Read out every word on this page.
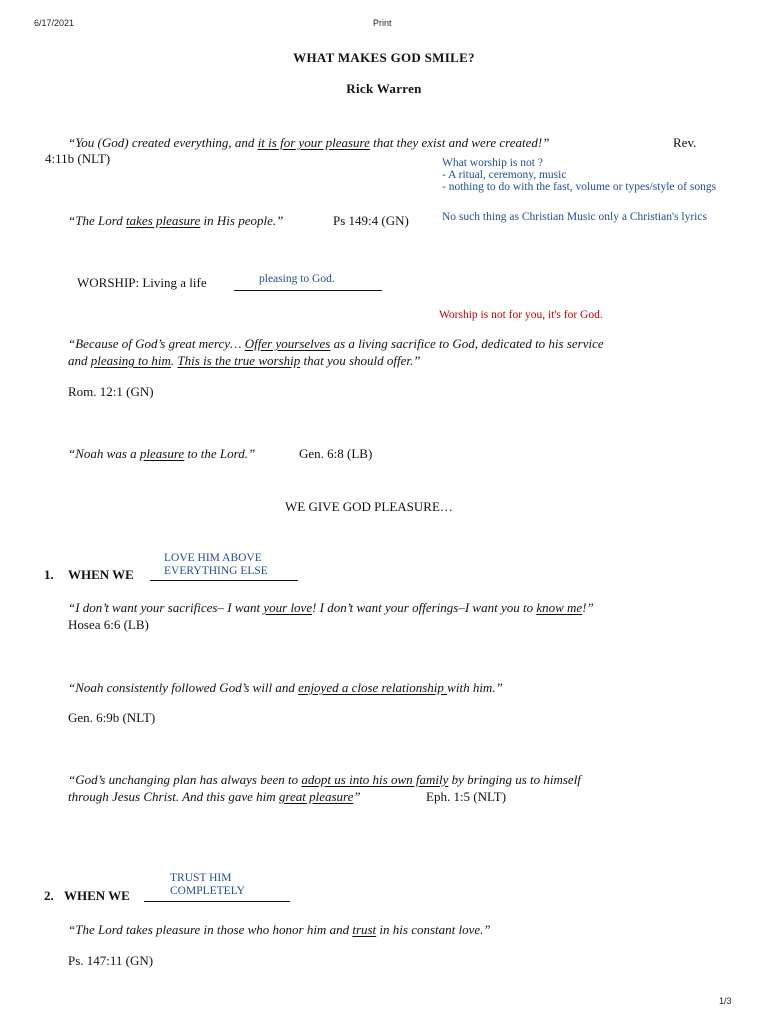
6/17/2021	Print
1/3
WHAT MAKES GOD SMILE?
Rick Warren
“You (God) created everything, and it is for your pleasure that they exist and were created!”	Rev.
4:11b (NLT)	What worship is not ?
- A ritual, ceremony, music
- nothing to do with the fast, volume or types/style of songs
“The Lord takes pleasure in His people.”	Ps 149:4 (GN)	No such thing as Christian Music only a Christian's lyrics
WORSHIP: Living a life	pleasing to God.
Worship is not for you, it's for God.
“Because of God’s great mercy… Offer yourselves as a living sacrifice to God, dedicated to his service
and pleasing to him. This is the true worship that you should offer.”
Rom. 12:1 (GN)
“Noah was a pleasure to the Lord.”	Gen. 6:8 (LB)
WE GIVE GOD PLEASURE…
1. WHEN WE
LOVE HIM ABOVE
EVERYTHING ELSE
“I don’t want your sacrifices– I want your love! I don’t want your offerings–I want you to know me!”
Hosea 6:6 (LB)
“Noah consistently followed God’s will and enjoyed a close relationship with him.”
Gen. 6:9b (NLT)
“God’s unchanging plan has always been to adopt us into his own family by bringing us to himself
through Jesus Christ. And this gave him great pleasure”	Eph. 1:5 (NLT)
2. WHEN WE
TRUST HIM
COMPLETELY
“The Lord takes pleasure in those who honor him and trust in his constant love.”
Ps. 147:11 (GN)
